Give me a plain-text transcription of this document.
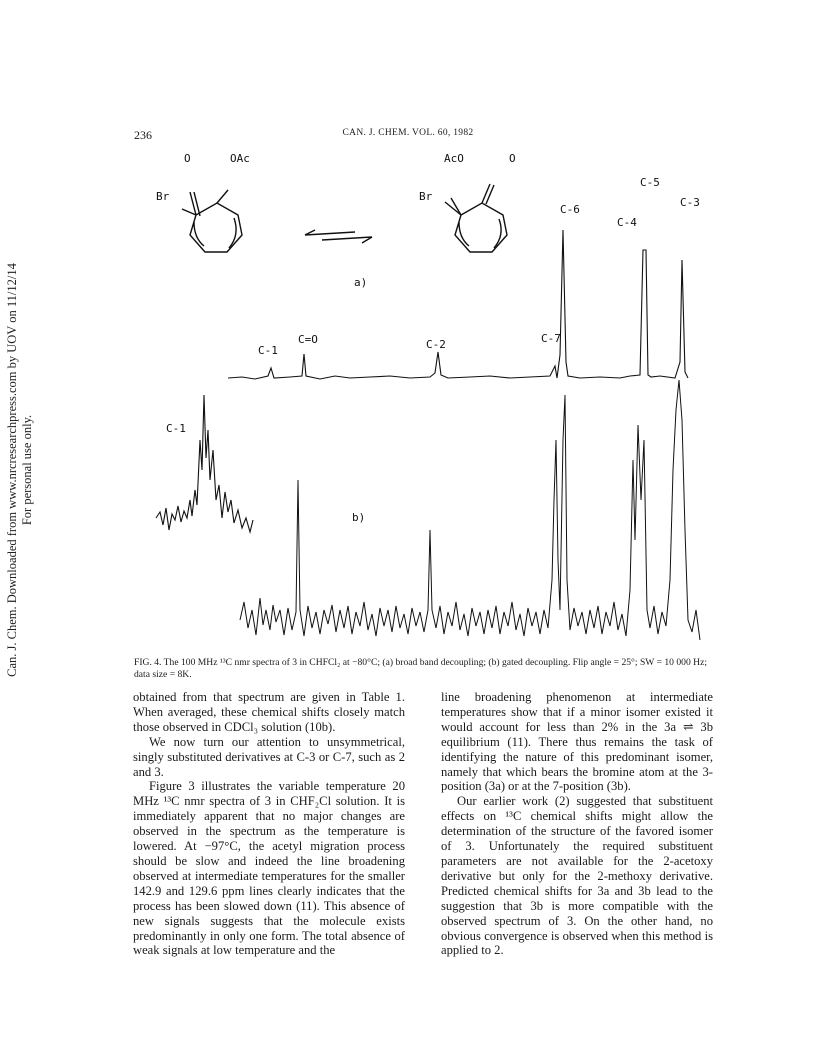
Can. J. Chem. Downloaded from www.nrcresearchpress.com by UOV on 11/12/14 For personal use only.
236	CAN. J. CHEM. VOL. 60, 1982
O	OAc
Br
AcO	O
Br
C-1
C=O	C-2	C-7
C-6
C-4
C-5
C-3
a)
C-1
b)
FIG. 4. The 100 MHz ¹³C nmr spectra of 3 in CHFCl₂ at −80°C; (a) broad band decoupling; (b) gated decoupling. Flip angle = 25°; SW = 10 000 Hz; data size = 8K.

obtained from that spectrum are given in Table 1. When averaged, these chemical shifts closely match those observed in CDCl₃ solution (10b).

We now turn our attention to unsymmetrical, singly substituted derivatives at C-3 or C-7, such as 2 and 3.

Figure 3 illustrates the variable temperature 20 MHz ¹³C nmr spectra of 3 in CHF₂Cl solution. It is immediately apparent that no major changes are observed in the spectrum as the temperature is lowered. At −97°C, the acetyl migration process should be slow and indeed the line broadening observed at intermediate temperatures for the smaller 142.9 and 129.6 ppm lines clearly indicates that the process has been slowed down (11). This absence of new signals suggests that the molecule exists predominantly in only one form. The total absence of weak signals at low temperature and the

line broadening phenomenon at intermediate temperatures show that if a minor isomer existed it would account for less than 2% in the 3a ⇌ 3b equilibrium (11). There thus remains the task of identifying the nature of this predominant isomer, namely that which bears the bromine atom at the 3-position (3a) or at the 7-position (3b).

Our earlier work (2) suggested that substituent effects on ¹³C chemical shifts might allow the determination of the structure of the favored isomer of 3. Unfortunately the required substituent parameters are not available for the 2-acetoxy derivative but only for the 2-methoxy derivative. Predicted chemical shifts for 3a and 3b lead to the suggestion that 3b is more compatible with the observed spectrum of 3. On the other hand, no obvious convergence is observed when this method is applied to 2.
